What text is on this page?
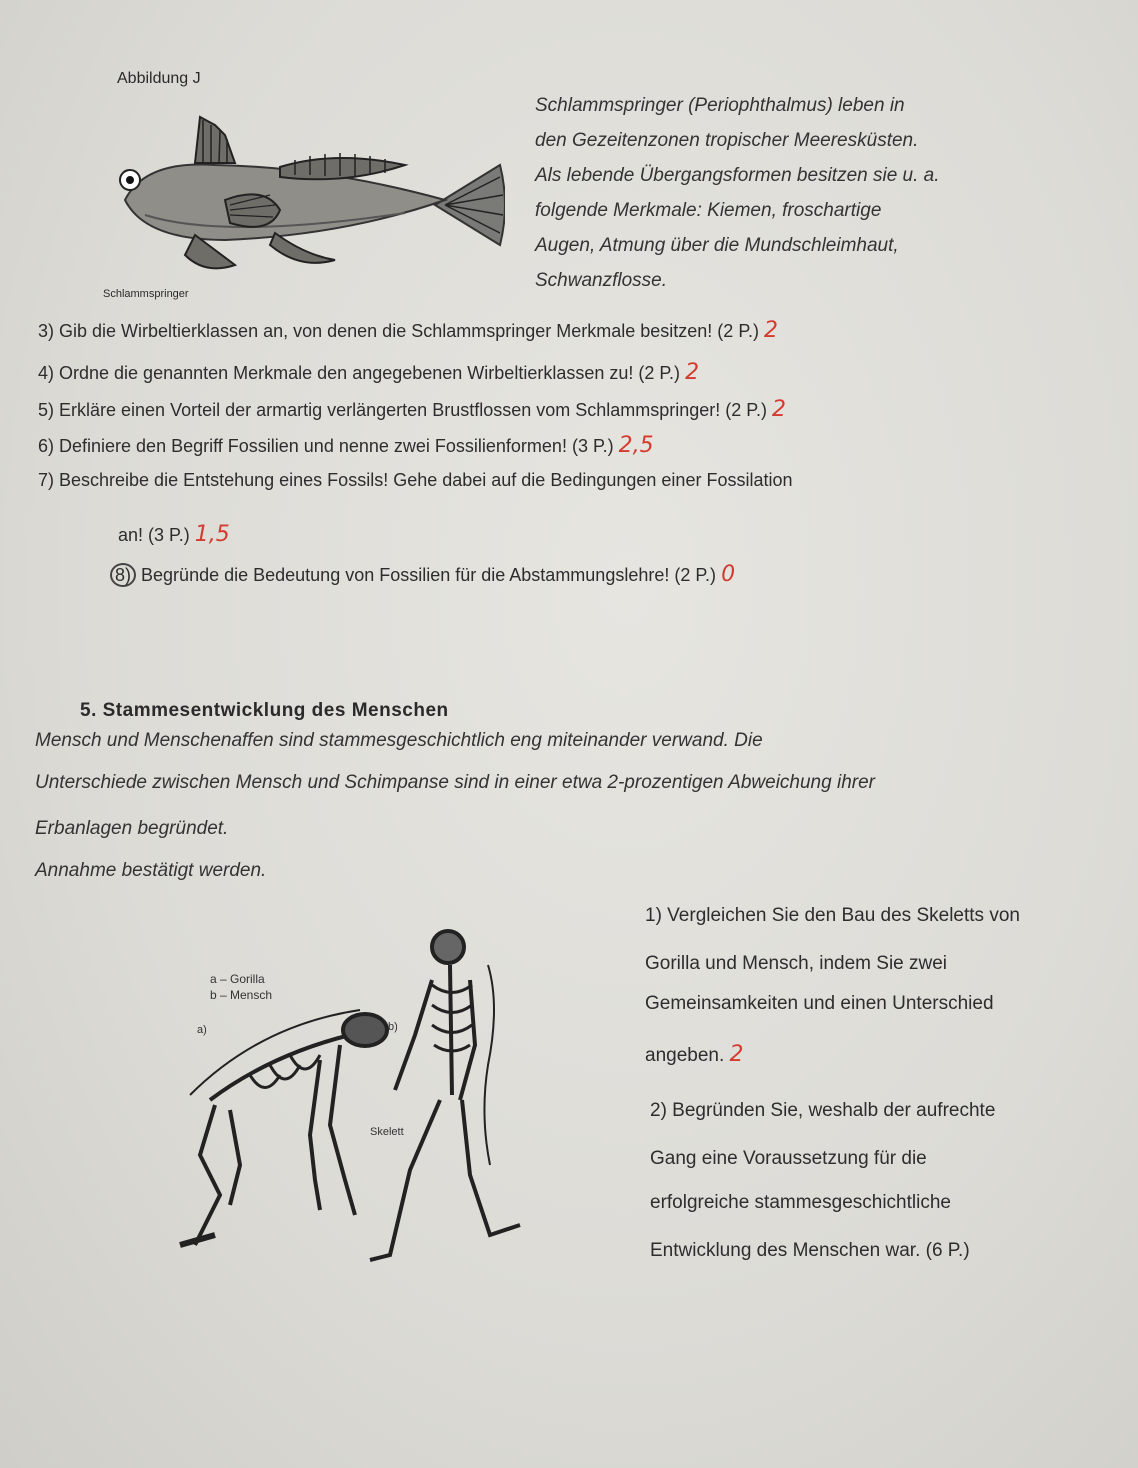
Abbildung J
Schlammspringer
Schlammspringer (Periophthalmus) leben in
den Gezeitenzonen tropischer Meeresküsten.
Als lebende Übergangsformen besitzen sie u. a.
folgende Merkmale: Kiemen, froschartige
Augen, Atmung über die Mundschleimhaut,
Schwanzflosse.
3) Gib die Wirbeltierklassen an, von denen die Schlammspringer Merkmale besitzen! (2 P.) 2
4) Ordne die genannten Merkmale den angegebenen Wirbeltierklassen zu! (2 P.) 2
5) Erkläre einen Vorteil der armartig verlängerten Brustflossen vom Schlammspringer! (2 P.) 2
6) Definiere den Begriff Fossilien und nenne zwei Fossilienformen! (3 P.) 2,5
7) Beschreibe die Entstehung eines Fossils! Gehe dabei auf die Bedingungen einer Fossilation
an! (3 P.) 1,5
8) Begründe die Bedeutung von Fossilien für die Abstammungslehre! (2 P.) 0
5. Stammesentwicklung des Menschen
Mensch und Menschenaffen sind stammesgeschichtlich eng miteinander verwand. Die
Unterschiede zwischen Mensch und Schimpanse sind in einer etwa 2-prozentigen Abweichung ihrer
Erbanlagen begründet.
Annahme bestätigt werden.
a – Gorilla
b – Mensch
a)	b)
Skelett
1) Vergleichen Sie den Bau des Skeletts von
Gorilla und Mensch, indem Sie zwei
Gemeinsamkeiten und einen Unterschied
angeben. 2
2) Begründen Sie, weshalb der aufrechte
Gang eine Voraussetzung für die
erfolgreiche stammesgeschichtliche
Entwicklung des Menschen war. (6 P.)
